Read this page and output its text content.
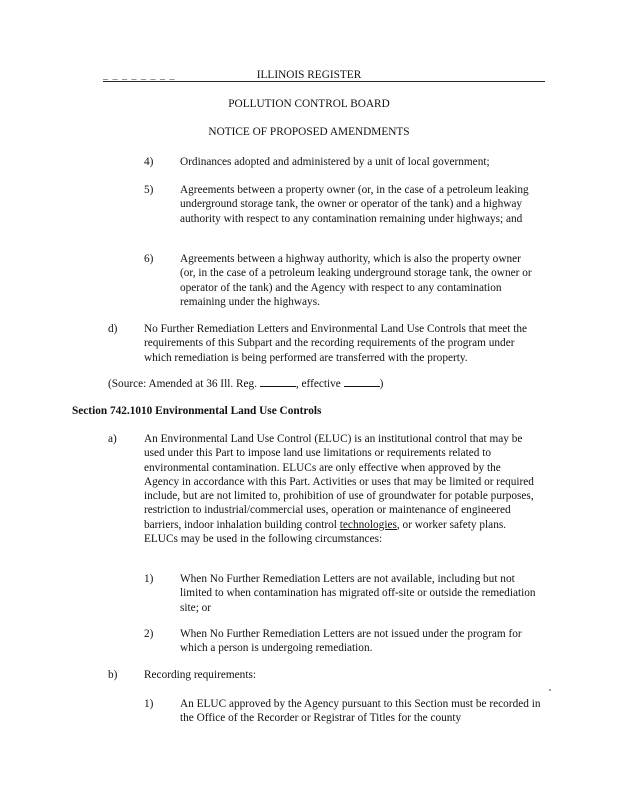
_ _ _ _ _ _ _ _	ILLINOIS REGISTER
POLLUTION CONTROL BOARD
NOTICE OF PROPOSED AMENDMENTS
4) Ordinances adopted and administered by a unit of local government;
5) Agreements between a property owner (or, in the case of a petroleum leaking underground storage tank, the owner or operator of the tank) and a highway authority with respect to any contamination remaining under highways; and
6) Agreements between a highway authority, which is also the property owner (or, in the case of a petroleum leaking underground storage tank, the owner or operator of the tank) and the Agency with respect to any contamination remaining under the highways.
d) No Further Remediation Letters and Environmental Land Use Controls that meet the requirements of this Subpart and the recording requirements of the program under which remediation is being performed are transferred with the property.
(Source: Amended at 36 Ill. Reg.	, effective	)
Section 742.1010 Environmental Land Use Controls
a) An Environmental Land Use Control (ELUC) is an institutional control that may be used under this Part to impose land use limitations or requirements related to environmental contamination. ELUCs are only effective when approved by the Agency in accordance with this Part. Activities or uses that may be limited or required include, but are not limited to, prohibition of use of groundwater for potable purposes, restriction to industrial/commercial uses, operation or maintenance of engineered barriers, indoor inhalation building control technologies, or worker safety plans. ELUCs may be used in the following circumstances:
1) When No Further Remediation Letters are not available, including but not limited to when contamination has migrated off-site or outside the remediation site; or
2) When No Further Remediation Letters are not issued under the program for which a person is undergoing remediation.
b) Recording requirements:
1) An ELUC approved by the Agency pursuant to this Section must be recorded in the Office of the Recorder or Registrar of Titles for the county
